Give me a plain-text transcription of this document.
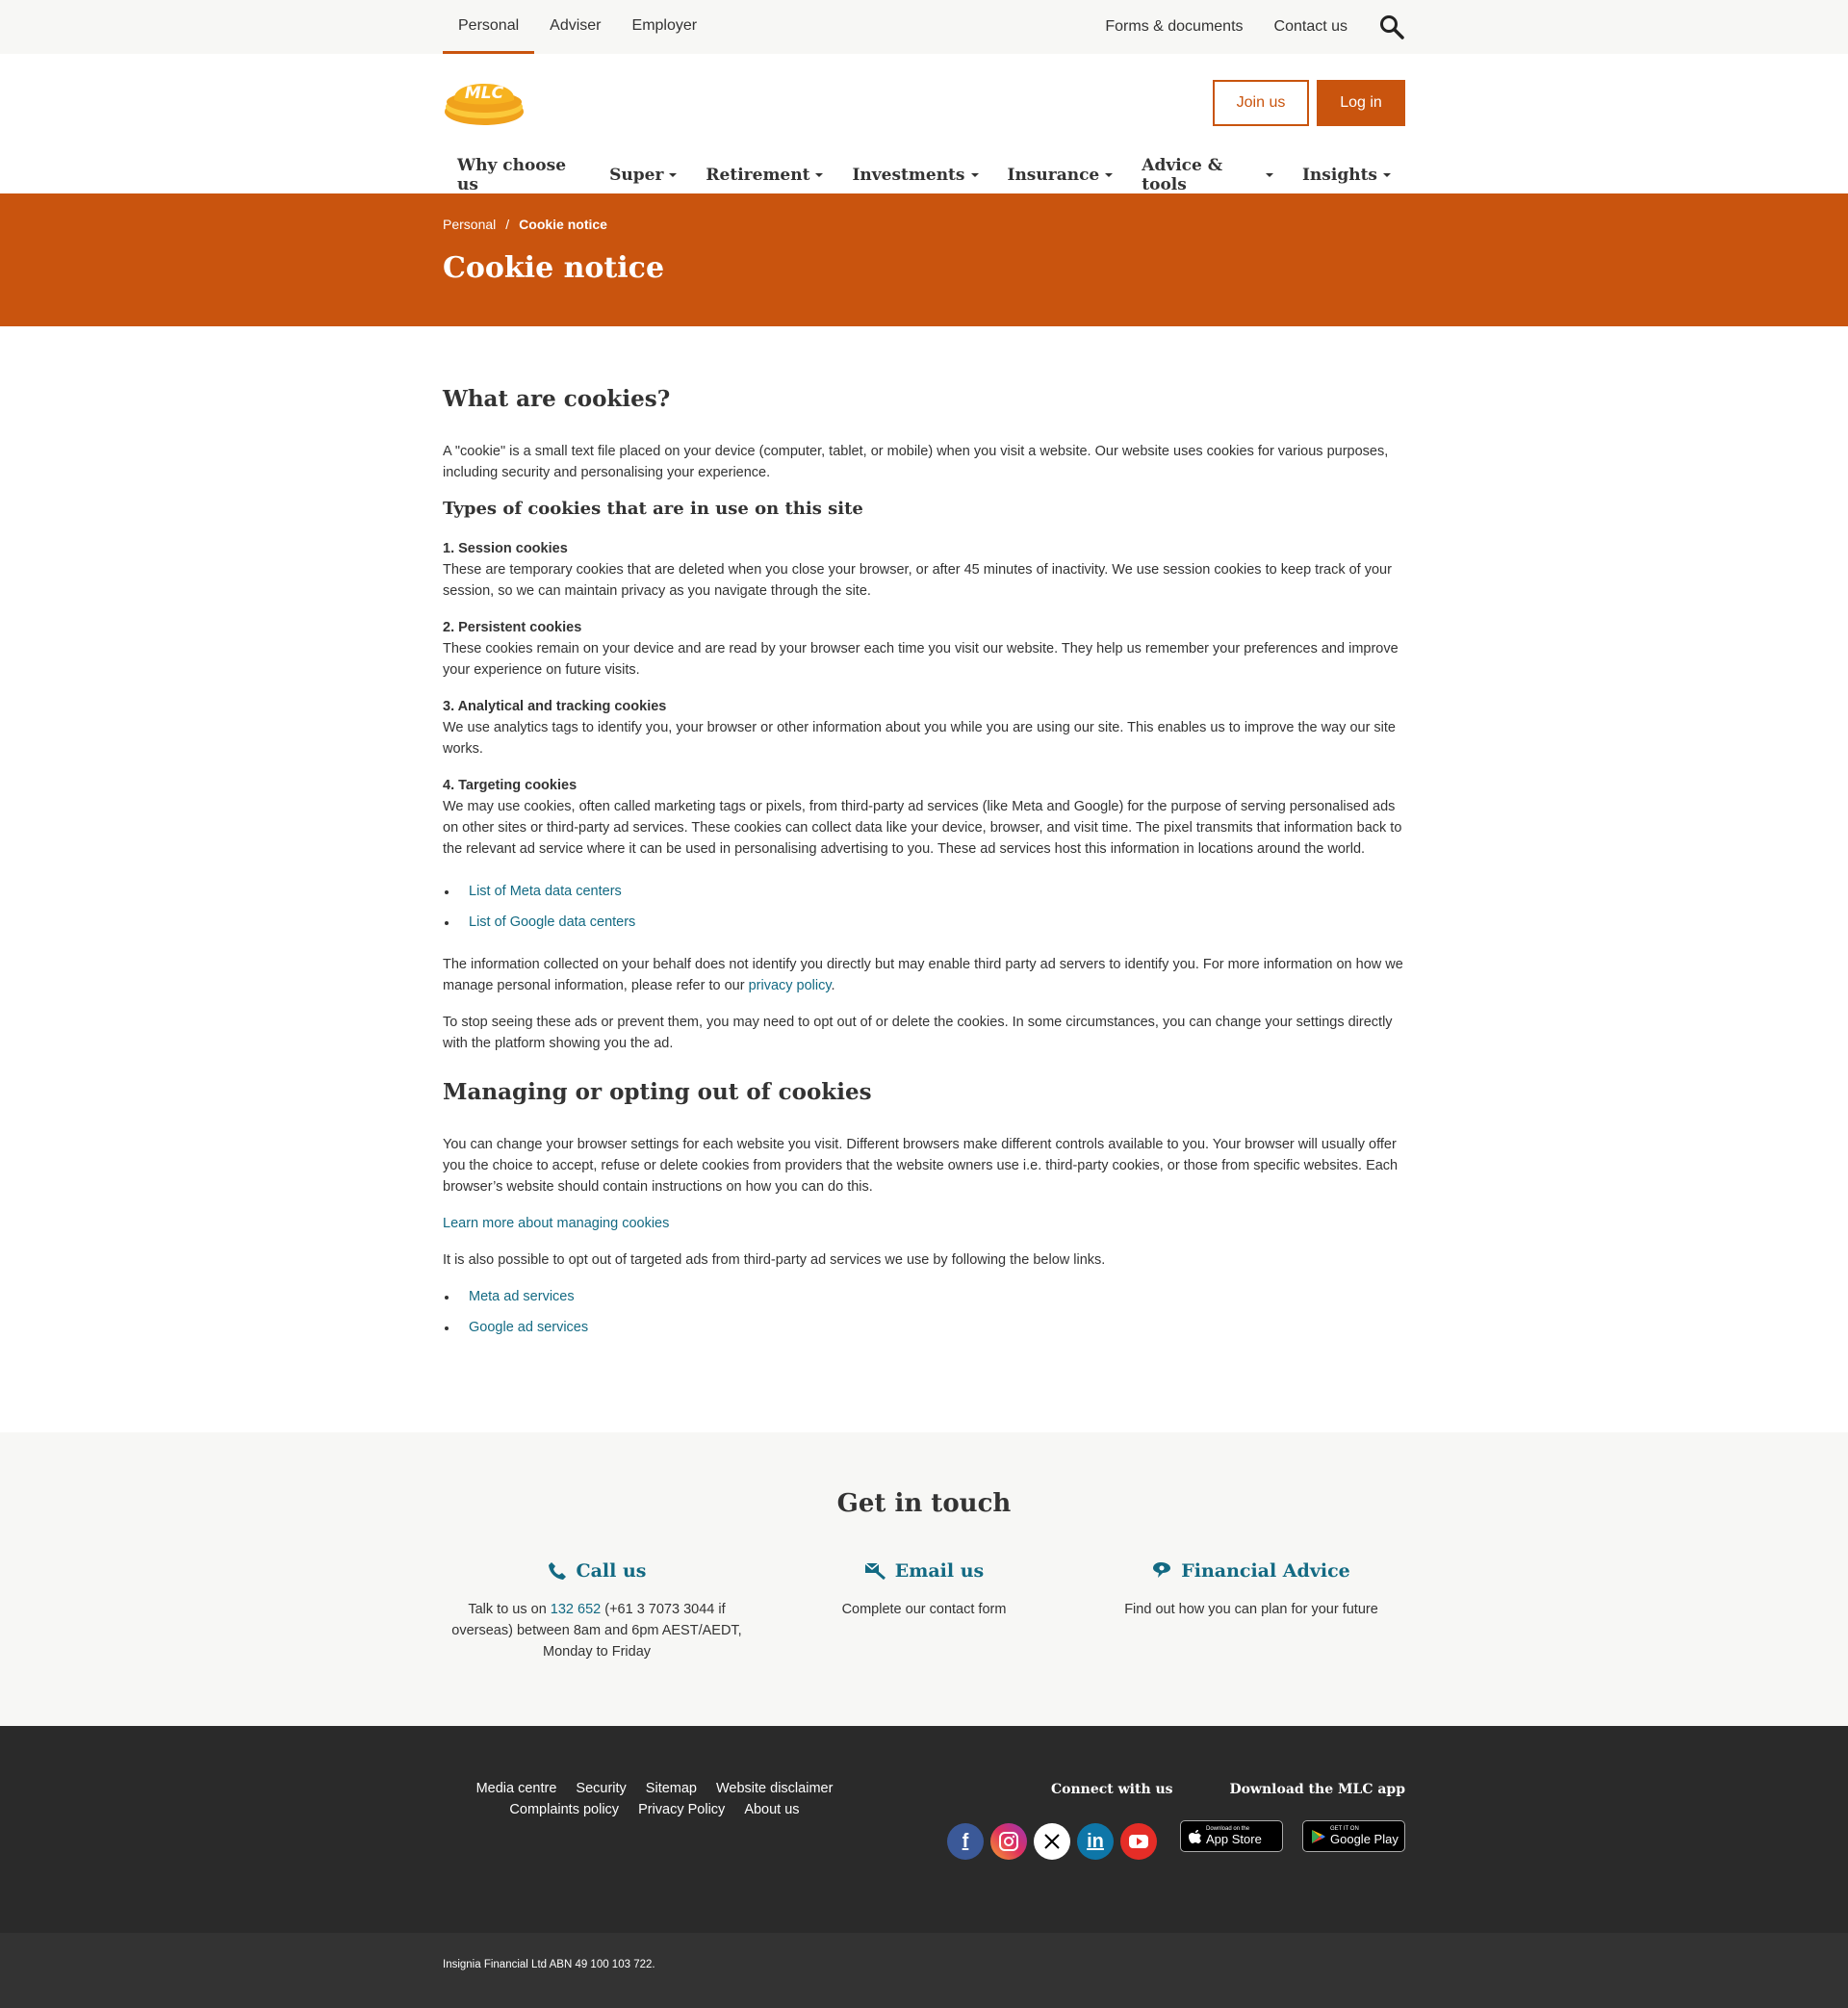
Personal	Adviser	Employer	Forms & documents Contact us
MLC	Join us	Log in
Why choose us	Super	Retirement	Investments	Insurance	Advice & tools	Insights
Personal / Cookie notice
Cookie notice
What are cookies?

A "cookie" is a small text file placed on your device (computer, tablet, or mobile) when you visit a website. Our website uses cookies for various purposes, including security and personalising your experience.

Types of cookies that are in use on this site
1. Session cookies
These are temporary cookies that are deleted when you close your browser, or after 45 minutes of inactivity. We use session cookies to keep track of your session, so we can maintain privacy as you navigate through the site.
2. Persistent cookies
These cookies remain on your device and are read by your browser each time you visit our website. They help us remember your preferences and improve your experience on future visits.
3. Analytical and tracking cookies
We use analytics tags to identify you, your browser or other information about you while you are using our site. This enables us to improve the way our site works.
4. Targeting cookies
We may use cookies, often called marketing tags or pixels, from third-party ad services (like Meta and Google) for the purpose of serving personalised ads on other sites or third-party ad services. These cookies can collect data like your device, browser, and visit time. The pixel transmits that information back to the relevant ad service where it can be used in personalising advertising to you. These ad services host this information in locations around the world.
List of Meta data centers
List of Google data centers

The information collected on your behalf does not identify you directly but may enable third party ad servers to identify you. For more information on how we manage personal information, please refer to our privacy policy.

To stop seeing these ads or prevent them, you may need to opt out of or delete the cookies. In some circumstances, you can change your settings directly with the platform showing you the ad.

Managing or opting out of cookies

You can change your browser settings for each website you visit. Different browsers make different controls available to you. Your browser will usually offer you the choice to accept, refuse or delete cookies from providers that the website owners use i.e. third-party cookies, or those from specific websites. Each browser’s website should contain instructions on how you can do this.

Learn more about managing cookies

It is also possible to opt out of targeted ads from third-party ad services we use by following the below links.

Meta ad services
Google ad services
Get in touch
Call us

Talk to us on 132 652 (+61 3 7073 3044 if overseas) between 8am and 6pm AEST/AEDT, Monday to Friday

Email us

Complete our contact form

Financial Advice

Find out how you can plan for your future

Media centre Security Sitemap Website disclaimer
Complaints policy Privacy Policy About us
Connect with us	Download the MLC app
f	in
Download on the
App Store
GET IT ON
Google Play
Insignia Financial Ltd ABN 49 100 103 722.
